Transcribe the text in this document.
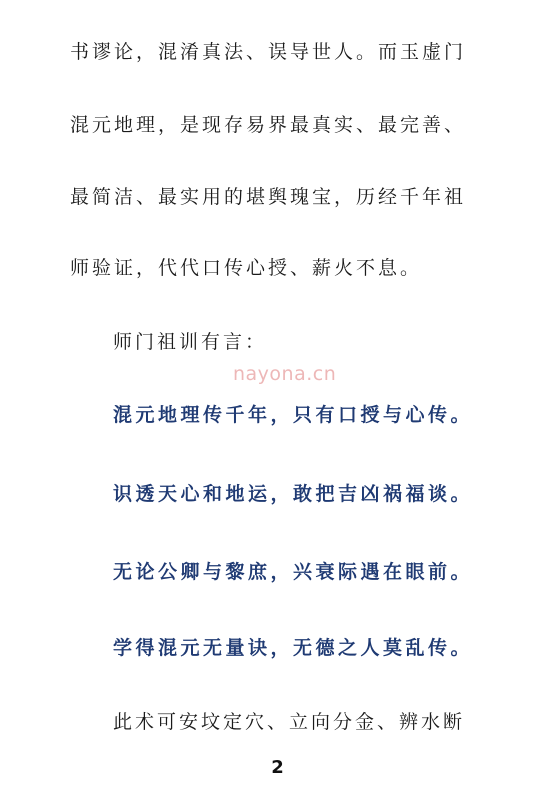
书谬论，混淆真法、误导世人。而玉虚门
混元地理，是现存易界最真实、最完善、
最简洁、最实用的堪舆瑰宝，历经千年祖
师验证，代代口传心授、薪火不息。
师门祖训有言：
nayona.cn
混元地理传千年，只有口授与心传。
识透天心和地运，敢把吉凶祸福谈。
无论公卿与黎庶，兴衰际遇在眼前。
学得混元无量诀，无德之人莫乱传。
此术可安坟定穴、立向分金、辨水断
2
